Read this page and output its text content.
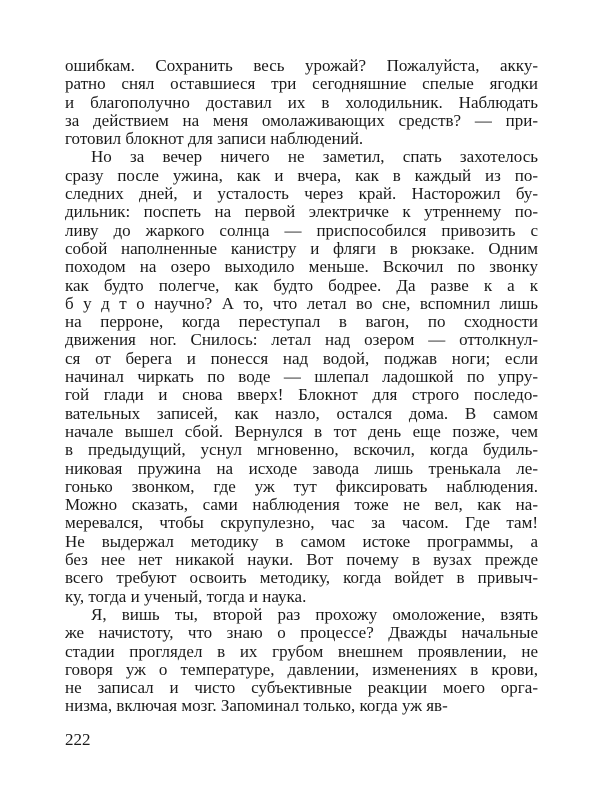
ошибкам. Сохранить весь урожай? Пожалуйста, акку-
ратно снял оставшиеся три сегодняшние спелые ягодки
и благополучно доставил их в холодильник. Наблюдать
за действием на меня омолаживающих средств? — при-
готовил блокнот для записи наблюдений.
Но за вечер ничего не заметил, спать захотелось
сразу после ужина, как и вчера, как в каждый из по-
следних дней, и усталость через край. Насторожил бу-
дильник: поспеть на первой электричке к утреннему по-
ливу до жаркого солнца — приспособился привозить с
собой наполненные канистру и фляги в рюкзаке. Одним
походом на озеро выходило меньше. Вскочил по звонку
как будто полегче, как будто бодрее. Да разве к а к
б у д т о научно? А то, что летал во сне, вспомнил лишь
на перроне, когда переступал в вагон, по сходности
движения ног. Снилось: летал над озером — оттолкнул-
ся от берега и понесся над водой, поджав ноги; если
начинал чиркать по воде — шлепал ладошкой по упру-
гой глади и снова вверх! Блокнот для строго последо-
вательных записей, как назло, остался дома. В самом
начале вышел сбой. Вернулся в тот день еще позже, чем
в предыдущий, уснул мгновенно, вскочил, когда будиль-
никовая пружина на исходе завода лишь тренькала ле-
гонько звонком, где уж тут фиксировать наблюдения.
Можно сказать, сами наблюдения тоже не вел, как на-
меревался, чтобы скрупулезно, час за часом. Где там!
Не выдержал методику в самом истоке программы, а
без нее нет никакой науки. Вот почему в вузах прежде
всего требуют освоить методику, когда войдет в привыч-
ку, тогда и ученый, тогда и наука.
Я, вишь ты, второй раз прохожу омоложение, взять
же начистоту, что знаю о процессе? Дважды начальные
стадии проглядел в их грубом внешнем проявлении, не
говоря уж о температуре, давлении, изменениях в крови,
не записал и чисто субъективные реакции моего орга-
низма, включая мозг. Запоминал только, когда уж яв-
222
